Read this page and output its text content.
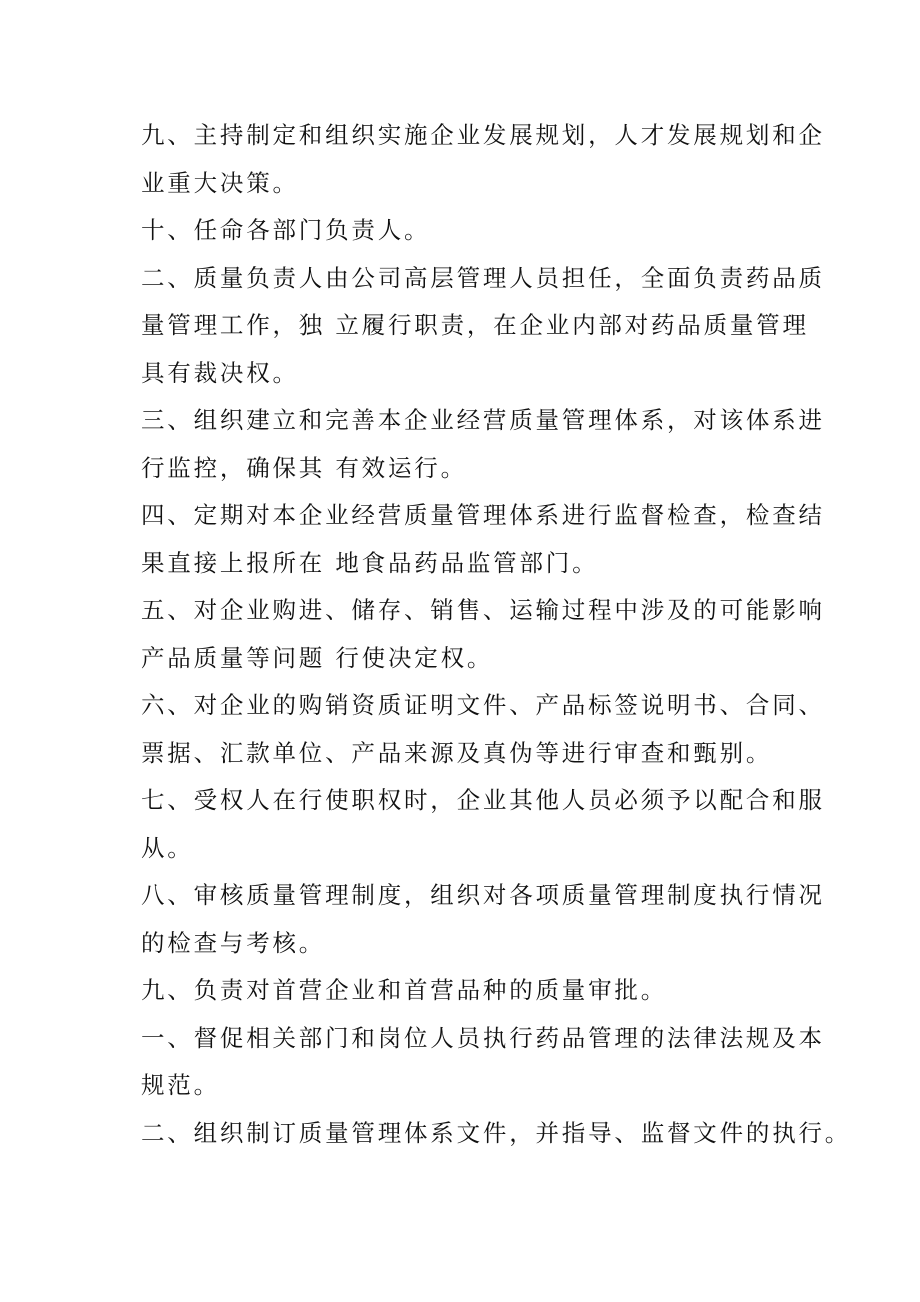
九、主持制定和组织实施企业发展规划，人才发展规划和企
业重大决策。
十、任命各部门负责人。
二、质量负责人由公司高层管理人员担任，全面负责药品质
量管理工作，独 立履行职责，在企业内部对药品质量管理
具有裁决权。
三、组织建立和完善本企业经营质量管理体系，对该体系进
行监控，确保其 有效运行。
四、定期对本企业经营质量管理体系进行监督检查，检查结
果直接上报所在 地食品药品监管部门。
五、对企业购进、储存、销售、运输过程中涉及的可能影响
产品质量等问题 行使决定权。
六、对企业的购销资质证明文件、产品标签说明书、合同、
票据、汇款单位、产品来源及真伪等进行审查和甄别。
七、受权人在行使职权时，企业其他人员必须予以配合和服
从。
八、审核质量管理制度，组织对各项质量管理制度执行情况
的检查与考核。
九、负责对首营企业和首营品种的质量审批。
一、督促相关部门和岗位人员执行药品管理的法律法规及本
规范。
二、组织制订质量管理体系文件，并指导、监督文件的执行。
